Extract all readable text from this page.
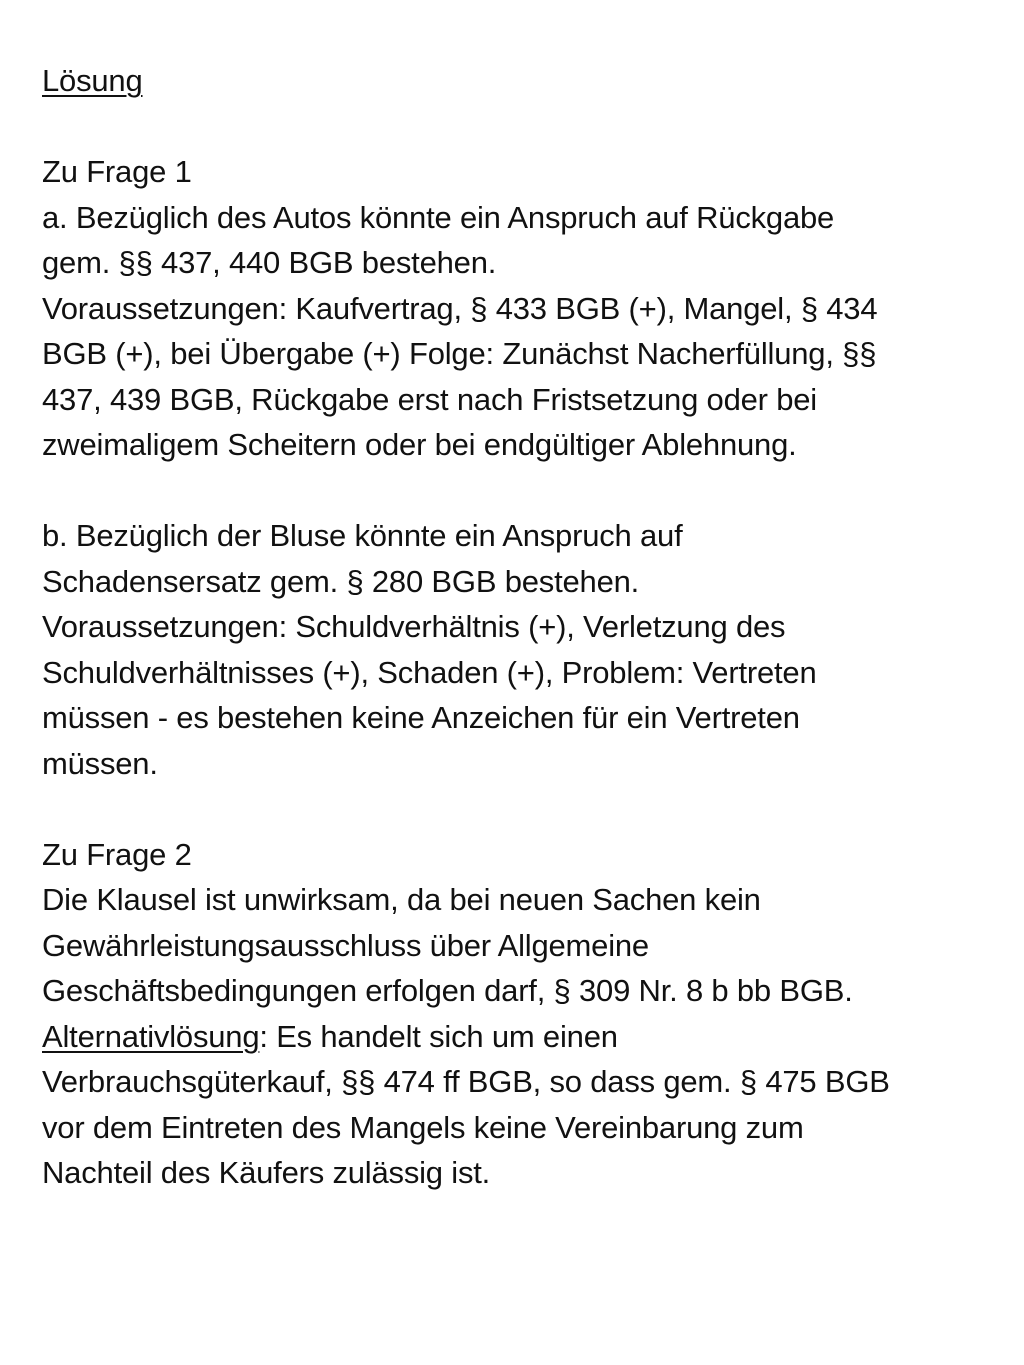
Lösung
Zu Frage 1
a. Bezüglich des Autos könnte ein Anspruch auf Rückgabe
gem. §§ 437, 440 BGB bestehen.
Voraussetzungen: Kaufvertrag, § 433 BGB (+), Mangel, § 434
BGB (+), bei Übergabe (+) Folge: Zunächst Nacherfüllung, §§
437, 439 BGB, Rückgabe erst nach Fristsetzung oder bei
zweimaligem Scheitern oder bei endgültiger Ablehnung.
b. Bezüglich der Bluse könnte ein Anspruch auf
Schadensersatz gem. § 280 BGB bestehen.
Voraussetzungen: Schuldverhältnis (+), Verletzung des
Schuldverhältnisses (+), Schaden (+), Problem: Vertreten
müssen - es bestehen keine Anzeichen für ein Vertreten
müssen.
Zu Frage 2
Die Klausel ist unwirksam, da bei neuen Sachen kein
Gewährleistungsausschluss über Allgemeine
Geschäftsbedingungen erfolgen darf, § 309 Nr. 8 b bb BGB.
Alternativlösung: Es handelt sich um einen
Verbrauchsgüterkauf, §§ 474 ff BGB, so dass gem. § 475 BGB
vor dem Eintreten des Mangels keine Vereinbarung zum
Nachteil des Käufers zulässig ist.
